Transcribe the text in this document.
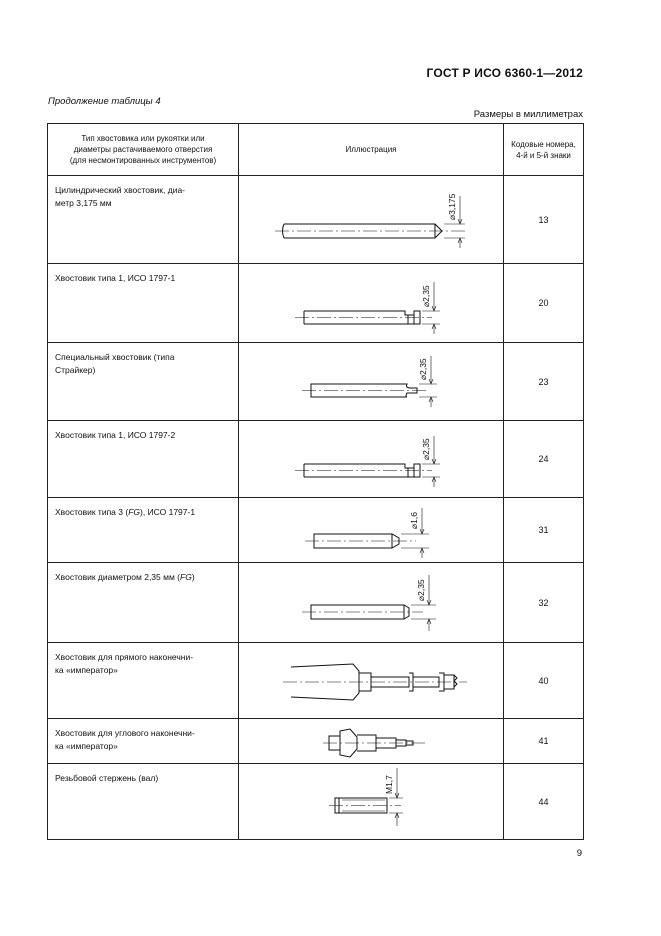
ГОСТ Р ИСО 6360-1—2012
Продолжение таблицы 4
Размеры в миллиметрах
Тип хвостовика или рукоятки или
диаметры растачиваемого отверстия
(для несмонтированных инструментов)	Иллюстрация	Кодовые номера,
4-й и 5-й знаки

Цилиндрический хвостовик, диа-
метр 3,175 мм	⌀3,175	13

Хвостовик типа 1, ИСО 1797-1	⌀2,35	20

Специальный хвостовик (типа
Страйкер)	⌀2,35	23

Хвостовик типа 1, ИСО 1797-2	⌀2,35	24
Хвостовик типа 3 (FG), ИСО 1797-1	⌀1,6	31
Хвостовик диаметром 2,35 мм (FG)	⌀2,35	32

Хвостовик для прямого наконечни-
ка «император»		40

Хвостовик для углового наконечни-
ка «император»		41

Резьбовой стержень (вал)	M1,7	44
9
